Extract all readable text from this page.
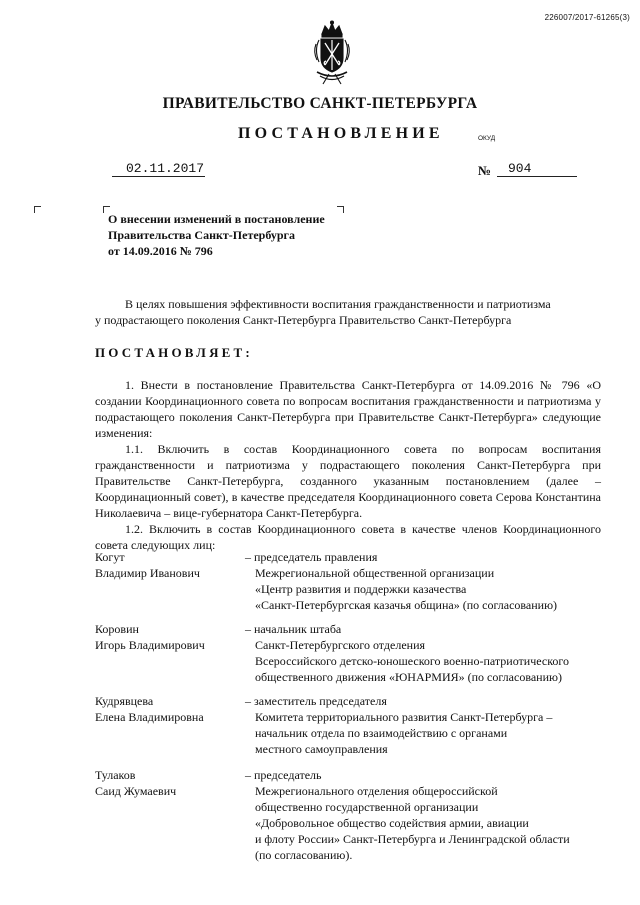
226007/2017-61265(3)
ПРАВИТЕЛЬСТВО САНКТ-ПЕТЕРБУРГА
ПОСТАНОВЛЕНИЕ	ОКУД
02.11.2017	№ 904
О внесении изменений в постановление
Правительства Санкт-Петербурга
от 14.09.2016 № 796
В целях повышения эффективности воспитания гражданственности и патриотизма
у подрастающего поколения Санкт-Петербурга Правительство Санкт-Петербурга
ПОСТАНОВЛЯЕТ:

1. Внести в постановление Правительства Санкт-Петербурга от 14.09.2016 № 796 «О создании Координационного совета по вопросам воспитания гражданственности и патриотизма у подрастающего поколения Санкт-Петербурга при Правительстве Санкт-Петербурга» следующие изменения:

1.1. Включить в состав Координационного совета по вопросам воспитания гражданственности и патриотизма у подрастающего поколения Санкт-Петербурга при Правительстве Санкт-Петербурга, созданного указанным постановлением (далее – Координационный совет), в качестве председателя Координационного совета Серова Константина Николаевича – вице-губернатора Санкт-Петербурга.

1.2. Включить в состав Координационного совета в качестве членов Координационного совета следующих лиц:

Когут
Владимир Иванович
– председатель правления
Межрегиональной общественной организации
«Центр развития и поддержки казачества
«Санкт-Петербургская казачья община» (по согласованию)
Коровин
Игорь Владимирович
– начальник штаба
Санкт-Петербургского отделения
Всероссийского детско-юношеского военно-патриотического
общественного движения «ЮНАРМИЯ» (по согласованию)
Кудрявцева
Елена Владимировна
– заместитель председателя
Комитета территориального развития Санкт-Петербурга –
начальник отдела по взаимодействию с органами
местного самоуправления
Тулаков
Саид Жумаевич
– председатель
Межрегионального отделения общероссийской
общественно государственной организации
«Добровольное общество содействия армии, авиации
и флоту России» Санкт-Петербурга и Ленинградской области
(по согласованию).
